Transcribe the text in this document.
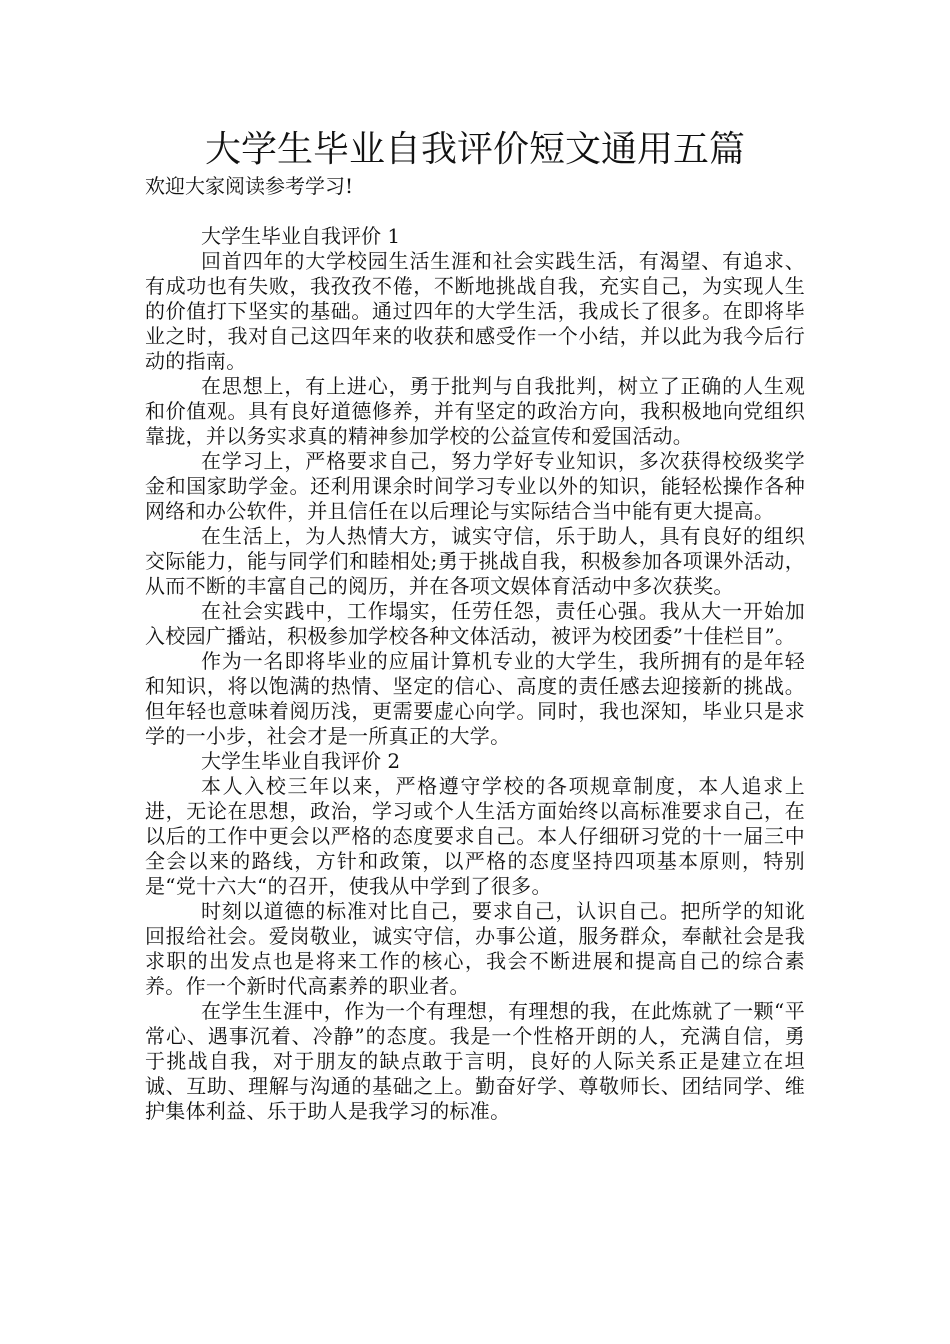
大学生毕业自我评价短文通用五篇

欢迎大家阅读参考学习!

大学生毕业自我评价 1

回首四年的大学校园生活生涯和社会实践生活，有渴望、有追求、有成功也有失败，我孜孜不倦，不断地挑战自我，充实自己，为实现人生的价值打下坚实的基础。通过四年的大学生活，我成长了很多。在即将毕业之时，我对自己这四年来的收获和感受作一个小结，并以此为我今后行动的指南。

在思想上，有上进心，勇于批判与自我批判，树立了正确的人生观和价值观。具有良好道德修养，并有坚定的政治方向，我积极地向党组织靠拢，并以务实求真的精神参加学校的公益宣传和爱国活动。

在学习上，严格要求自己，努力学好专业知识，多次获得校级奖学金和国家助学金。还利用课余时间学习专业以外的知识，能轻松操作各种网络和办公软件，并且信任在以后理论与实际结合当中能有更大提高。

在生活上，为人热情大方，诚实守信，乐于助人，具有良好的组织交际能力，能与同学们和睦相处;勇于挑战自我，积极参加各项课外活动，从而不断的丰富自己的阅历，并在各项文娱体育活动中多次获奖。

在社会实践中，工作塌实，任劳任怨，责任心强。我从大一开始加入校园广播站，积极参加学校各种文体活动，被评为校团委”十佳栏目”。

作为一名即将毕业的应届计算机专业的大学生，我所拥有的是年轻和知识，将以饱满的热情、坚定的信心、高度的责任感去迎接新的挑战。但年轻也意味着阅历浅，更需要虚心向学。同时，我也深知，毕业只是求学的一小步，社会才是一所真正的大学。

大学生毕业自我评价 2

本人入校三年以来，严格遵守学校的各项规章制度，本人追求上进，无论在思想，政治，学习或个人生活方面始终以高标准要求自己，在以后的工作中更会以严格的态度要求自己。本人仔细研习党的十一届三中全会以来的路线，方针和政策，以严格的态度坚持四项基本原则，特别是“党十六大“的召开，使我从中学到了很多。

时刻以道德的标准对比自己，要求自己，认识自己。把所学的知讹回报给社会。爱岗敬业，诚实守信，办事公道，服务群众，奉献社会是我求职的出发点也是将来工作的核心，我会不断进展和提高自己的综合素养。作一个新时代高素养的职业者。

在学生生涯中，作为一个有理想，有理想的我，在此炼就了一颗“平常心、遇事沉着、冷静”的态度。我是一个性格开朗的人，充满自信，勇于挑战自我，对于朋友的缺点敢于言明，良好的人际关系正是建立在坦诚、互助、理解与沟通的基础之上。勤奋好学、尊敬师长、团结同学、维护集体利益、乐于助人是我学习的标准。
